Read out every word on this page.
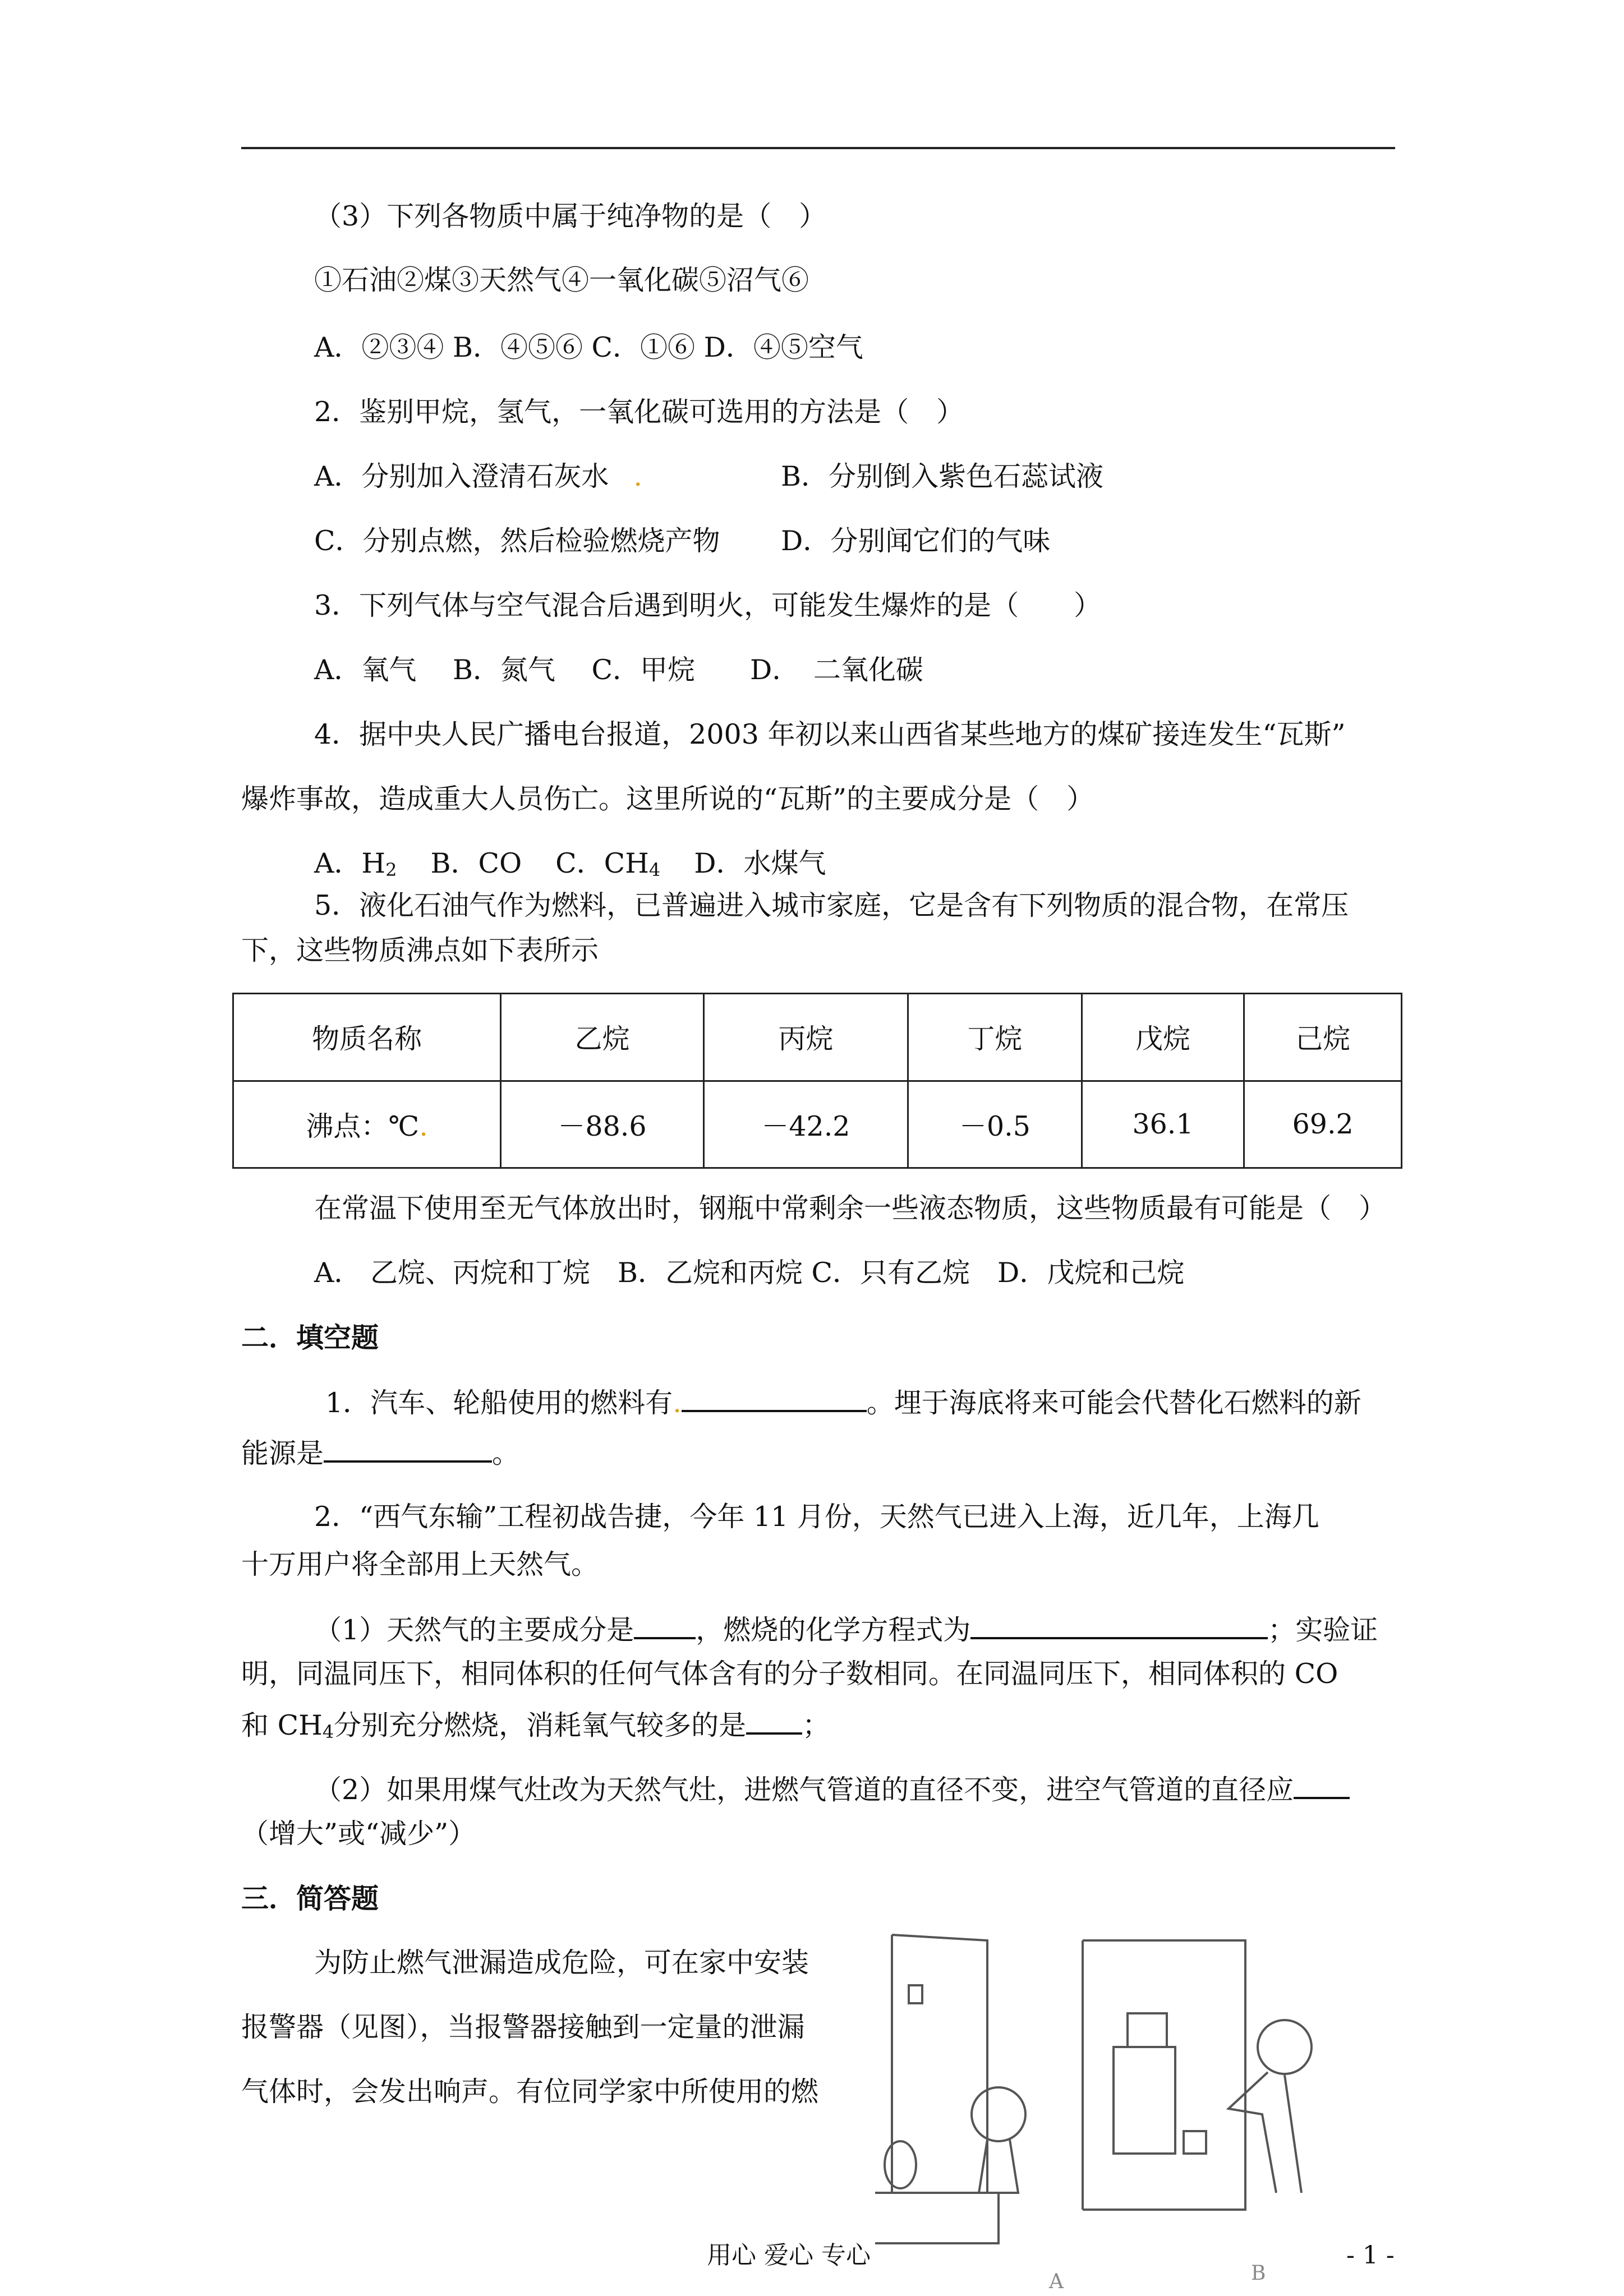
（3）下列各物质中属于纯净物的是（　）
①石油②煤③天然气④一氧化碳⑤沼气⑥
A．②③④ B．④⑤⑥ C．①⑥ D．④⑤空气
2．鉴别甲烷，氢气，一氧化碳可选用的方法是（　）
A．分别加入澄清石灰水 .	B．分别倒入紫色石蕊试液
C．分别点燃，然后检验燃烧产物 D．分别闻它们的气味
3．下列气体与空气混合后遇到明火，可能发生爆炸的是（　　）
A．氧气　 B．氮气　 C．甲烷　　D．　二氧化碳
4．据中央人民广播电台报道，2003 年初以来山西省某些地方的煤矿接连发生“瓦斯”
爆炸事故，造成重大人员伤亡。这里所说的“瓦斯”的主要成分是（　）
A．$H_2$ B．CO C．$CH_4$ D．水煤气
5．液化石油气作为燃料，已普遍进入城市家庭，它是含有下列物质的混合物，在常压
下，这些物质沸点如下表所示
物质名称	乙烷	丙烷	丁烷	戊烷	己烷
沸点：℃.	－88.6	－42.2	－0.5	36.1	69.2
在常温下使用至无气体放出时，钢瓶中常剩余一些液态物质，这些物质最有可能是（　）
A． 乙烷、丙烷和丁烷　B．乙烷和丙烷 C．只有乙烷　D．戊烷和己烷
二．填空题
1．汽车、轮船使用的燃料有.	。埋于海底将来可能会代替化石燃料的新
能源是	。
2．“西气东输”工程初战告捷，今年 11 月份，天然气已进入上海，近几年，上海几
十万用户将全部用上天然气。
（1）天然气的主要成分是 ，燃烧的化学方程式为	；实验证
明，同温同压下，相同体积的任何气体含有的分子数相同。在同温同压下，相同体积的 CO
和 $CH_4$分别充分燃烧，消耗氧气较多的是 ；
（2）如果用煤气灶改为天然气灶，进燃气管道的直径不变，进空气管道的直径应
（增大”或“减少”）
三．简答题
为防止燃气泄漏造成危险，可在家中安装
报警器（见图），当报警器接触到一定量的泄漏
气体时，会发出响声。有位同学家中所使用的燃
A	B
用心 爱心 专心	- 1 -
